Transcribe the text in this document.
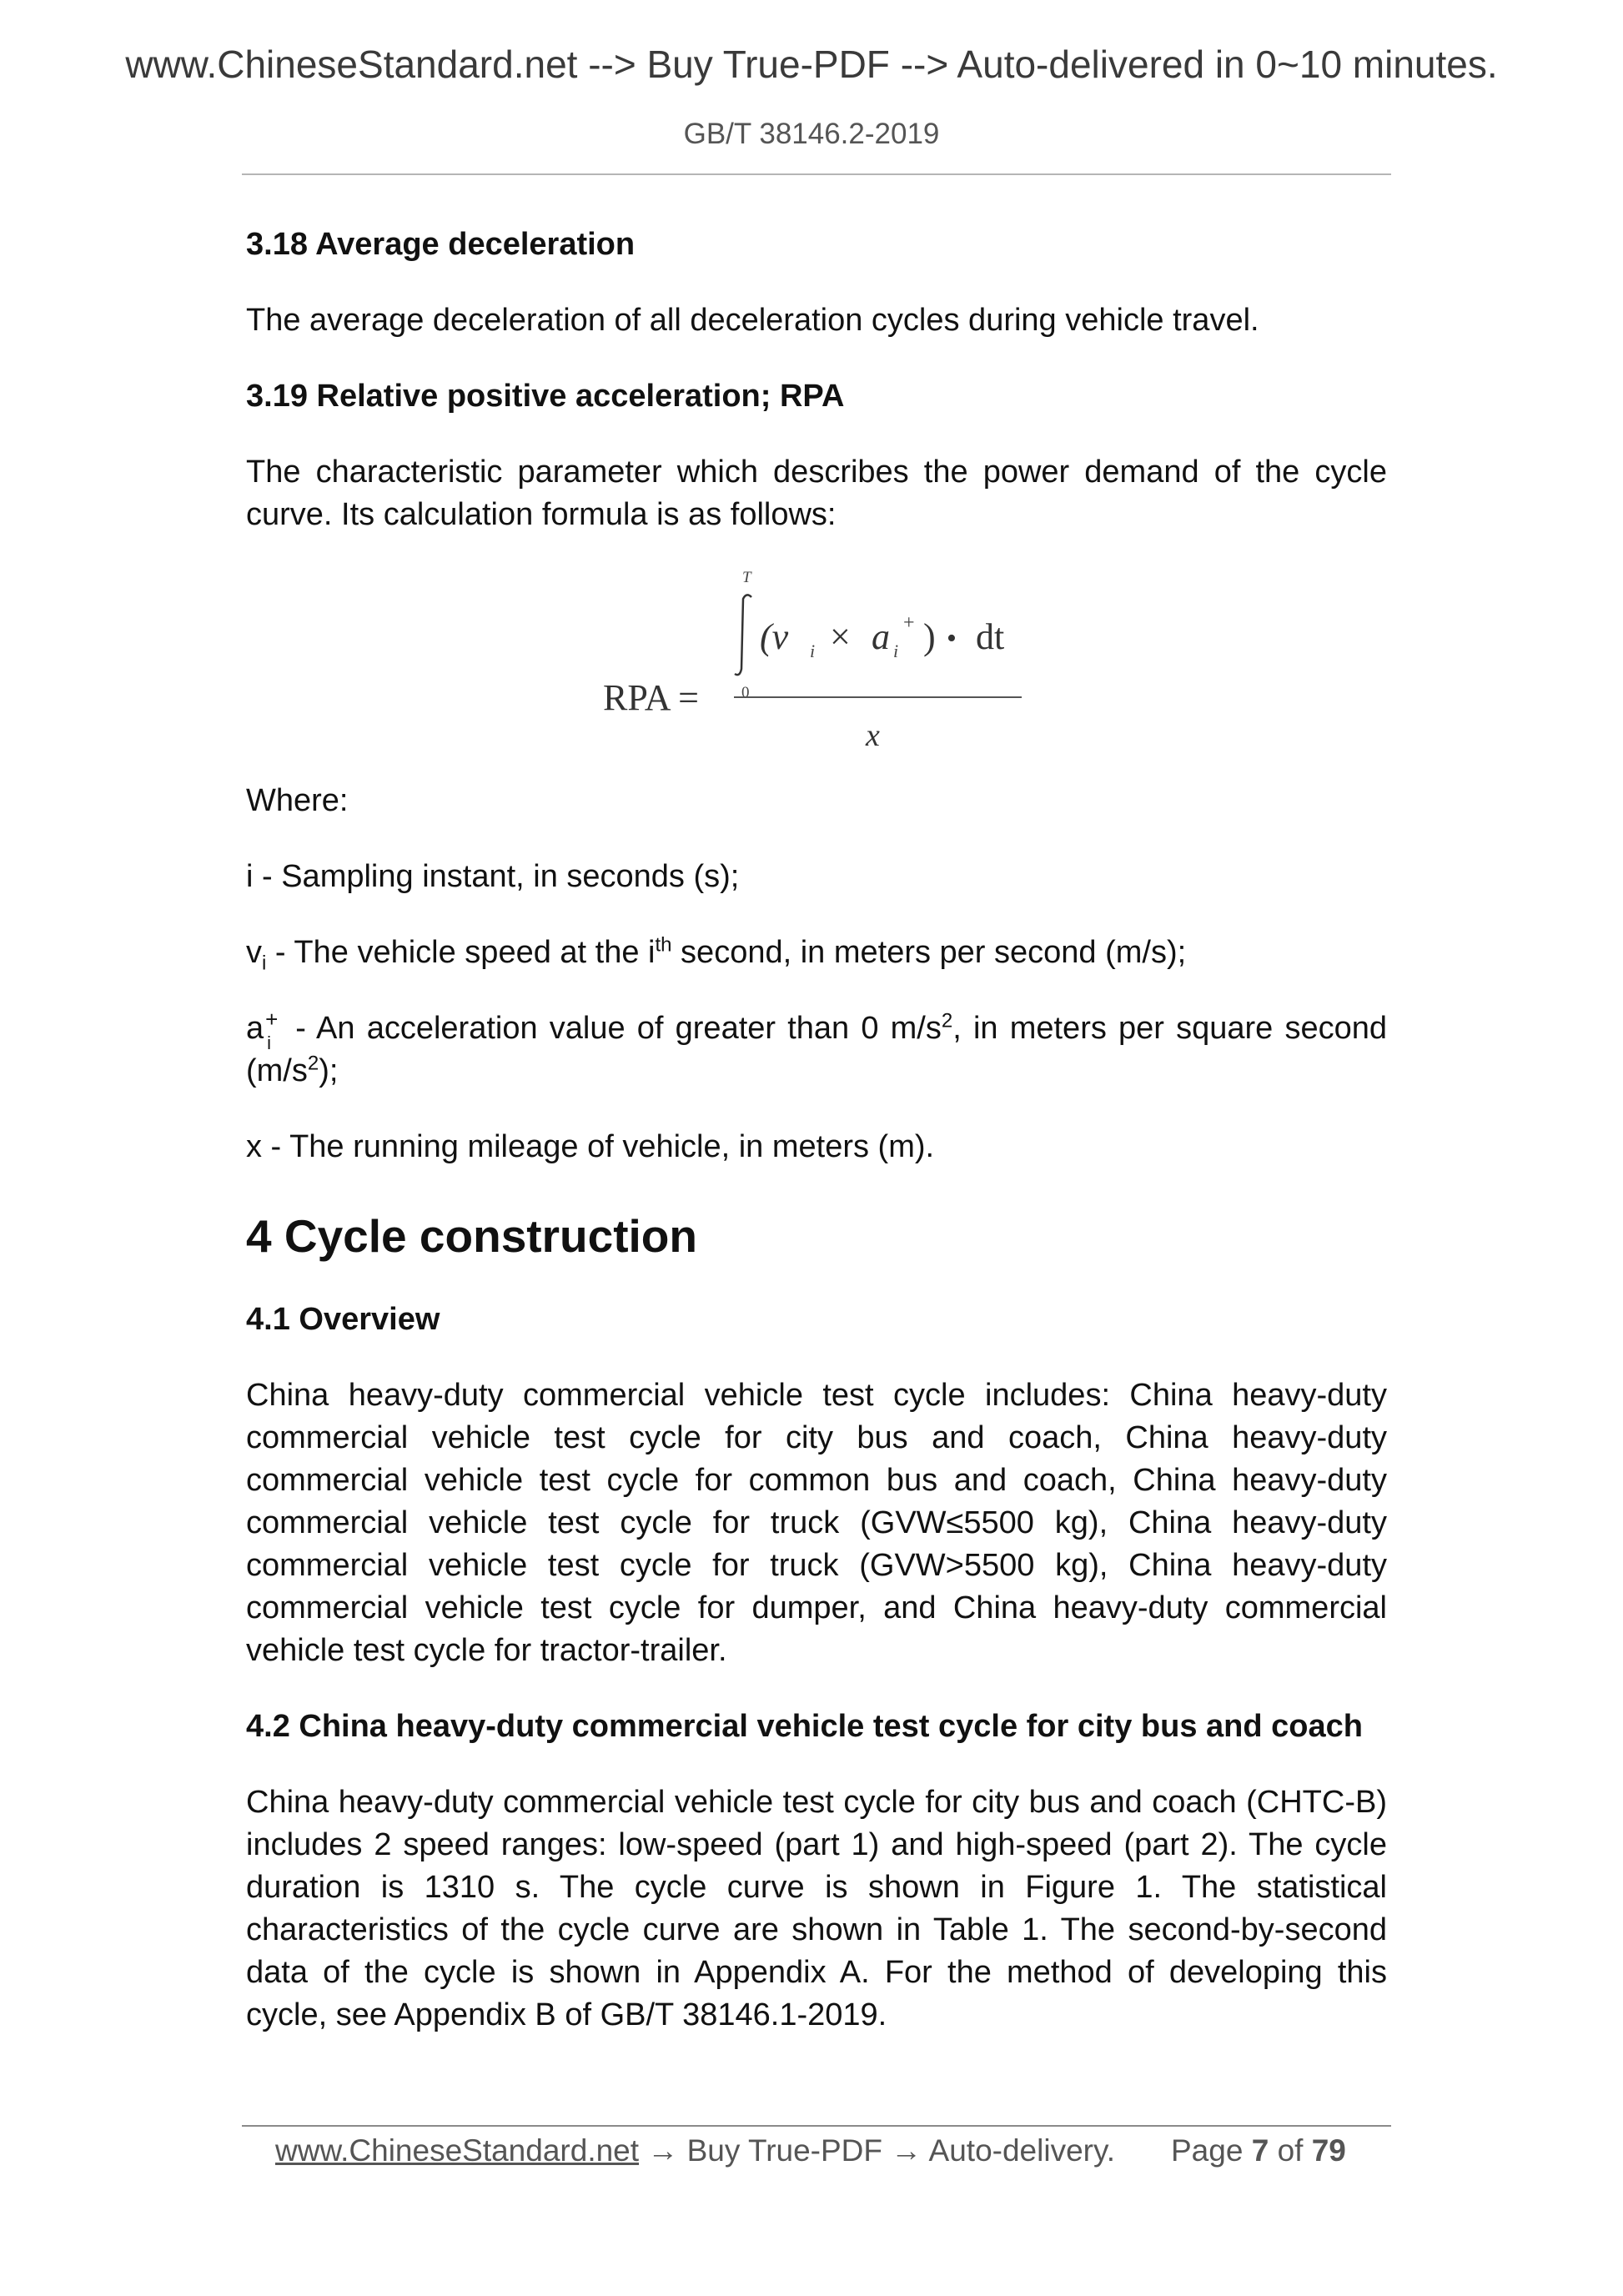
www.ChineseStandard.net --> Buy True-PDF --> Auto-delivered in 0~10 minutes.
GB/T 38146.2-2019

3.18 Average deceleration

The average deceleration of all deceleration cycles during vehicle travel.

3.19 Relative positive acceleration; RPA

The characteristic parameter which describes the power demand of the cycle curve. Its calculation formula is as follows:

Where:

i - Sampling instant, in seconds (s);

$v_i$ - The vehicle speed at the $i^{th}$ second, in meters per second (m/s);

a +
i - An acceleration value of greater than 0 $m/s^2$, in meters per square second $(m/s^2)$;

x - The running mileage of vehicle, in meters (m).

4 Cycle construction

4.1 Overview

China heavy-duty commercial vehicle test cycle includes: China heavy-duty commercial vehicle test cycle for city bus and coach, China heavy-duty commercial vehicle test cycle for common bus and coach, China heavy-duty commercial vehicle test cycle for truck (GVW≤5500 kg), China heavy-duty commercial vehicle test cycle for truck (GVW>5500 kg), China heavy-duty commercial vehicle test cycle for dumper, and China heavy-duty commercial vehicle test cycle for tractor-trailer.

4.2 China heavy-duty commercial vehicle test cycle for city bus and coach

China heavy-duty commercial vehicle test cycle for city bus and coach (CHTC-B) includes 2 speed ranges: low-speed (part 1) and high-speed (part 2). The cycle duration is 1310 s. The cycle curve is shown in Figure 1. The statistical characteristics of the cycle curve are shown in Table 1. The second-by-second data of the cycle is shown in Appendix A. For the method of developing this cycle, see Appendix B of GB/T 38146.1-2019.

T
0
(v i × a i
+ ) • dt
RPA =
x
www.ChineseStandard.net → Buy True-PDF → Auto-delivery. Page 7 of 79
